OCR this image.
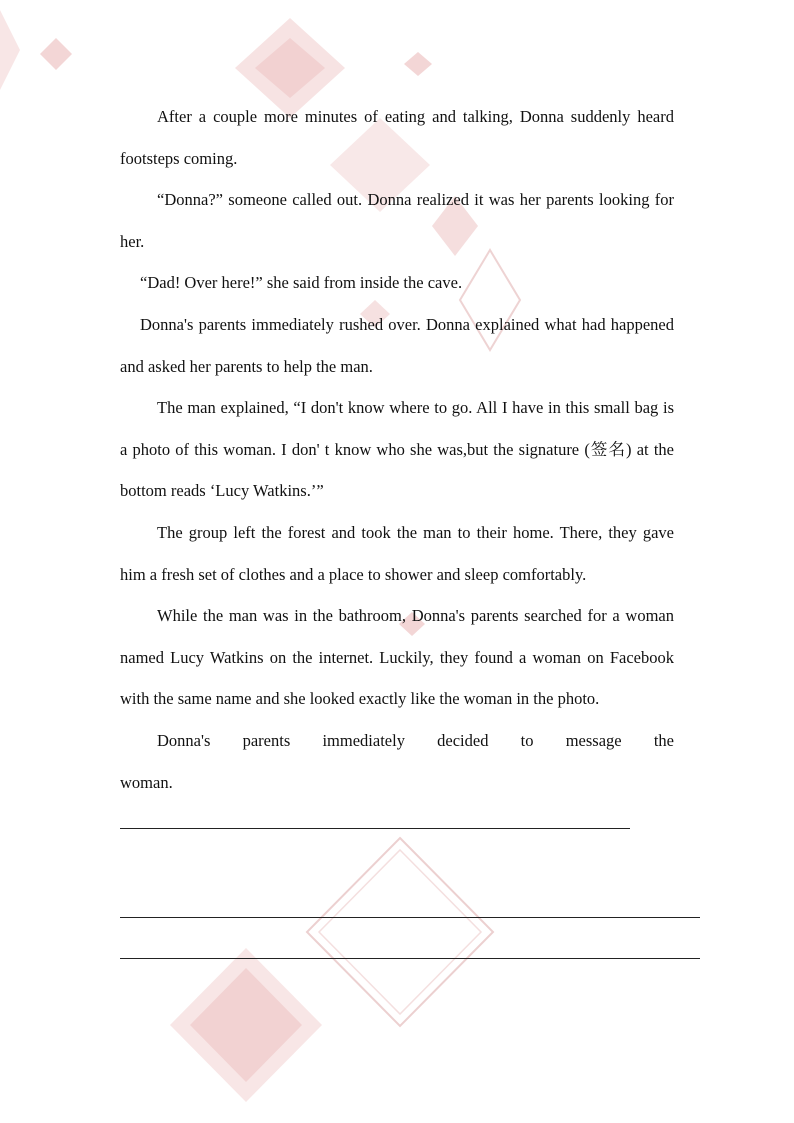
After a couple more minutes of eating and talking, Donna suddenly heard footsteps coming.

“Donna?” someone called out. Donna realized it was her parents looking for her.

“Dad! Over here!” she said from inside the cave.

Donna's parents immediately rushed over. Donna explained what had happened and asked her parents to help the man.

The man explained, “I don't know where to go. All I have in this small bag is a photo of this woman. I don' t know who she was,but the signature (签名) at the bottom reads ‘Lucy Watkins.’”

The group left the forest and took the man to their home. There, they gave him a fresh set of clothes and a place to shower and sleep comfortably.

While the man was in the bathroom, Donna's parents searched for a woman named Lucy Watkins on the internet. Luckily, they found a woman on Facebook with the same name and she looked exactly like the woman in the photo.

Donna's parents immediately decided to message the

woman.
